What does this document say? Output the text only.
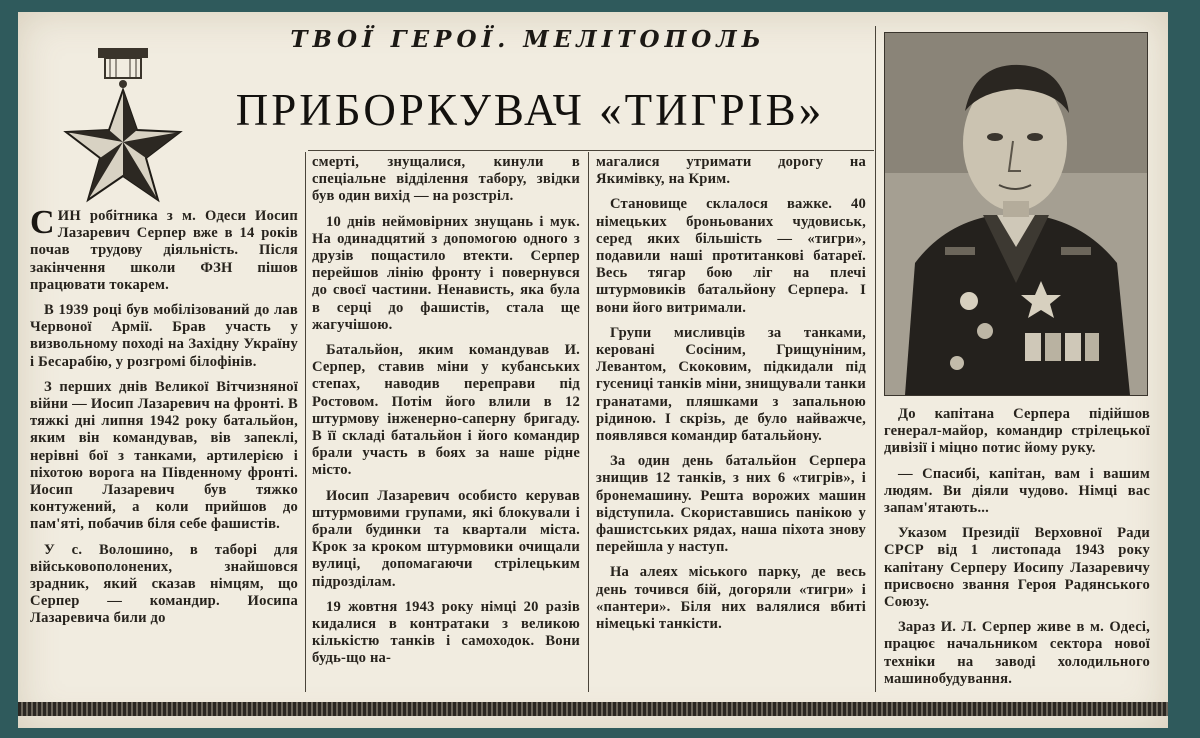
ТВОЇ ГЕРОЇ. МЕЛІТОПОЛЬ
ПРИБОРКУВАЧ «ТИГРІВ»

СИН робітника з м. Одеси Иосип Лазаревич Серпер вже в 14 років почав трудову діяльність. Після закінчення школи ФЗН пішов працювати токарем.

В 1939 році був мобілізований до лав Червоної Армії. Брав участь у визвольному поході на Західну Україну і Бесарабію, у розгромі білофінів.

З перших днів Великої Вітчизняної війни — Иосип Лазаревич на фронті. В тяжкі дні липня 1942 року батальйон, яким він командував, вів запеклі, нерівні бої з танками, артилерією і піхотою ворога на Південному фронті. Иосип Лазаревич був тяжко контужений, а коли прийшов до пам'яті, побачив біля себе фашистів.

У с. Волошино, в таборі для військовополонених, знайшовся зрадник, який сказав німцям, що Серпер — командир. Иосипа Лазаревича били до

смерті, знущалися, кинули в спеціальне відділення табору, звідки був один вихід — на розстріл.

10 днів неймовірних знущань і мук. На одинадцятий з допомогою одного з друзів пощастило втекти. Серпер перейшов лінію фронту і повернувся до своєї частини. Ненависть, яка була в серці до фашистів, стала ще жагучішою.

Батальйон, яким командував И. Серпер, ставив міни у кубанських степах, наводив переправи під Ростовом. Потім його влили в 12 штурмову інженерно-саперну бригаду. В її складі батальйон і його командир брали участь в боях за наше рідне місто.

Иосип Лазаревич особисто керував штурмовими групами, які блокували і брали будинки та квартали міста. Крок за кроком штурмовики очищали вулиці, допомагаючи стрілецьким підрозділам.

19 жовтня 1943 року німці 20 разів кидалися в контратаки з великою кількістю танків і самоходок. Вони будь-що на-

магалися утримати дорогу на Якимівку, на Крим.

Становище склалося важке. 40 німецьких броньованих чудовиськ, серед яких більшість — «тигри», подавили наші протитанкові батареї. Весь тягар бою ліг на плечі штурмовиків батальйону Серпера. І вони його витримали.

Групи мисливців за танками, керовані Сосіним, Грищуніним, Левантом, Скоковим, підкидали під гусениці танків міни, знищували танки гранатами, пляшками з запальною рідиною. І скрізь, де було найважче, появлявся командир батальйону.

За один день батальйон Серпера знищив 12 танків, з них 6 «тигрів», і бронемашину. Решта ворожих машин відступила. Скориставшись панікою у фашистських рядах, наша піхота знову перейшла у наступ.

На алеях міського парку, де весь день точився бій, догоряли «тигри» і «пантери». Біля них валялися вбиті німецькі танкісти.

До капітана Серпера підійшов генерал-майор, командир стрілецької дивізії і міцно потис йому руку.

— Спасибі, капітан, вам і вашим людям. Ви діяли чудово. Німці вас запам'ятають...

Указом Президії Верховної Ради СРСР від 1 листопада 1943 року капітану Серперу Иосипу Лазаревичу присвоєно звання Героя Радянського Союзу.

Зараз И. Л. Серпер живе в м. Одесі, працює начальником сектора нової техніки на заводі холодильного машинобудування.
